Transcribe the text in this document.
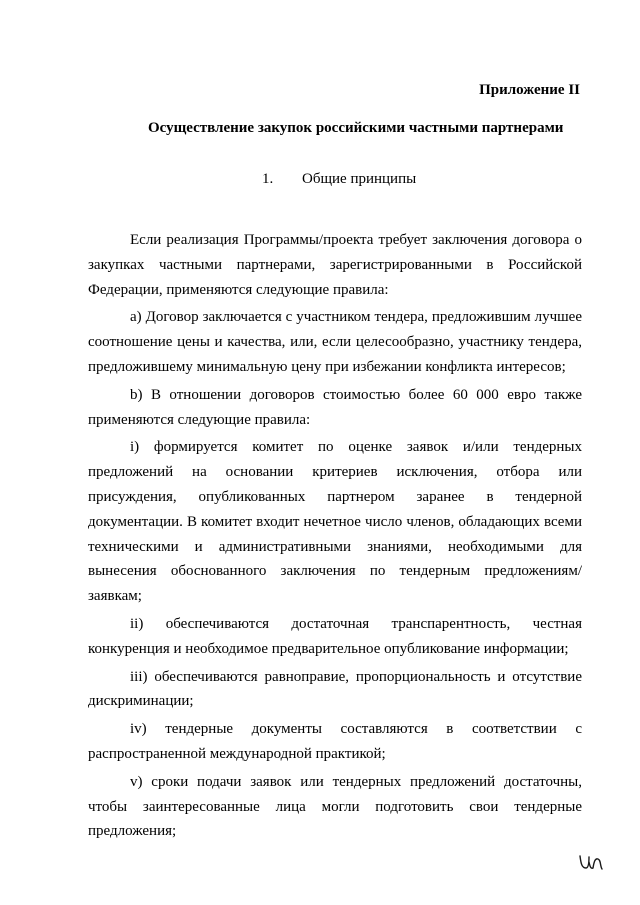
Приложение II
Осуществление закупок российскими частными партнерами
1. Общие принципы

Если реализация Программы/проекта требует заключения договора о закупках частными партнерами, зарегистрированными в Российской Федерации, применяются следующие правила:

a) Договор заключается с участником тендера, предложившим лучшее соотношение цены и качества, или, если целесообразно, участнику тендера, предложившему минимальную цену при избежании конфликта интересов;

b) В отношении договоров стоимостью более 60 000 евро также применяются следующие правила:

i) формируется комитет по оценке заявок и/или тендерных предложений на основании критериев исключения, отбора или присуждения, опубликованных партнером заранее в тендерной документации. В комитет входит нечетное число членов, обладающих всеми техническими и административными знаниями, необходимыми для вынесения обоснованного заключения по тендерным предложениям/заявкам;

ii) обеспечиваются достаточная транспарентность, честная конкуренция и необходимое предварительное опубликование информации;

iii) обеспечиваются равноправие, пропорциональность и отсутствие дискриминации;

iv) тендерные документы составляются в соответствии с распространенной международной практикой;

v) сроки подачи заявок или тендерных предложений достаточны, чтобы заинтересованные лица могли подготовить свои тендерные предложения;
